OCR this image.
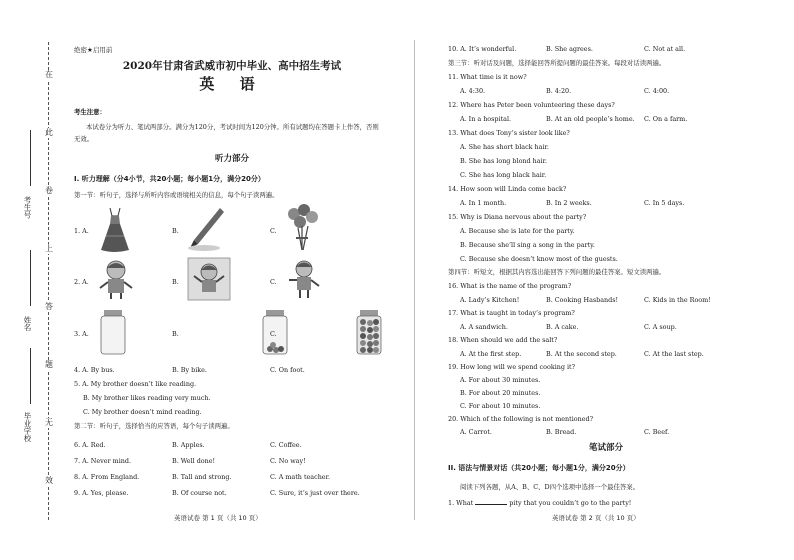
在
此
卷
上
答
题
无
效
考生号
姓名
毕业学校
绝密★启用前
2020年甘肃省武威市初中毕业、高中招生考试
英 语
考生注意：
本试卷分为听力、笔试两部分。满分为120分，考试时间为120分钟。所有试题均在答题卡上作答，否则无效。
听力部分
I. 听力理解（分4小节，共20小题；每小题1分，满分20分）
第一节：听句子，选择与所听内容或语境相关的信息，每个句子读两遍。
1. A.	B.	C.
2. A.	B.	C.
3. A.	B.	C.
4. A. By bus.	B. By bike.	C. On foot.
5. A. My brother doesn’t like reading.
B. My brother likes reading very much.
C. My brother doesn’t mind reading.
第二节：听句子，选择恰当的应答语，每个句子读两遍。
6. A. Red.	B. Apples.	C. Coffee.
7. A. Never mind.	B. Well done!	C. No way!
8. A. From England.	B. Tall and strong.	C. A math teacher.
9. A. Yes, please.	B. Of course not.	C. Sure, it’s just over there.
英语试卷 第 1 页（共 10 页）
10. A. It’s wonderful.	B. She agrees.	C. Not at all.
第三节：听对话及问题，选择能回答所提问题的最佳答案。每段对话读两遍。
11. What time is it now?
A. 4:30.	B. 4:20.	C. 4:00.
12. Where has Peter been volunteering these days?
A. In a hospital.	B. At an old people’s home. C. On a farm.
13. What does Tony’s sister look like?
A. She has short black hair.
B. She has long blond hair.
C. She has long black hair.
14. How soon will Linda come back?
A. In 1 month.	B. In 2 weeks.	C. In 5 days.
15. Why is Diana nervous about the party?
A. Because she is late for the party.
B. Because she’ll sing a song in the party.
C. Because she doesn’t know most of the guests.
第四节：听短文，根据其内容选出能回答下列问题的最佳答案。短文读两遍。
16. What is the name of the program?
A. Lady’s Kitchen!	B. Cooking Hasbands!	C. Kids in the Room!
17. What is taught in today’s program?
A. A sandwich.	B. A cake.	C. A soup.
18. When should we add the salt?
A. At the first step.	B. At the second step.	C. At the last step.
19. How long will we spend cooking it?
A. For about 30 minutes.
B. For about 20 minutes.
C. For about 10 minutes.
20. Which of the following is not mentioned?
A. Carrot.	B. Bread.	C. Beef.
笔试部分
II. 语法与情景对话（共20小题；每小题1分，满分20分）
阅读下列各题，从A、B、C、D四个选项中选择一个最佳答案。
1. What	pity that you couldn’t go to the party!
英语试卷 第 2 页（共 10 页）
